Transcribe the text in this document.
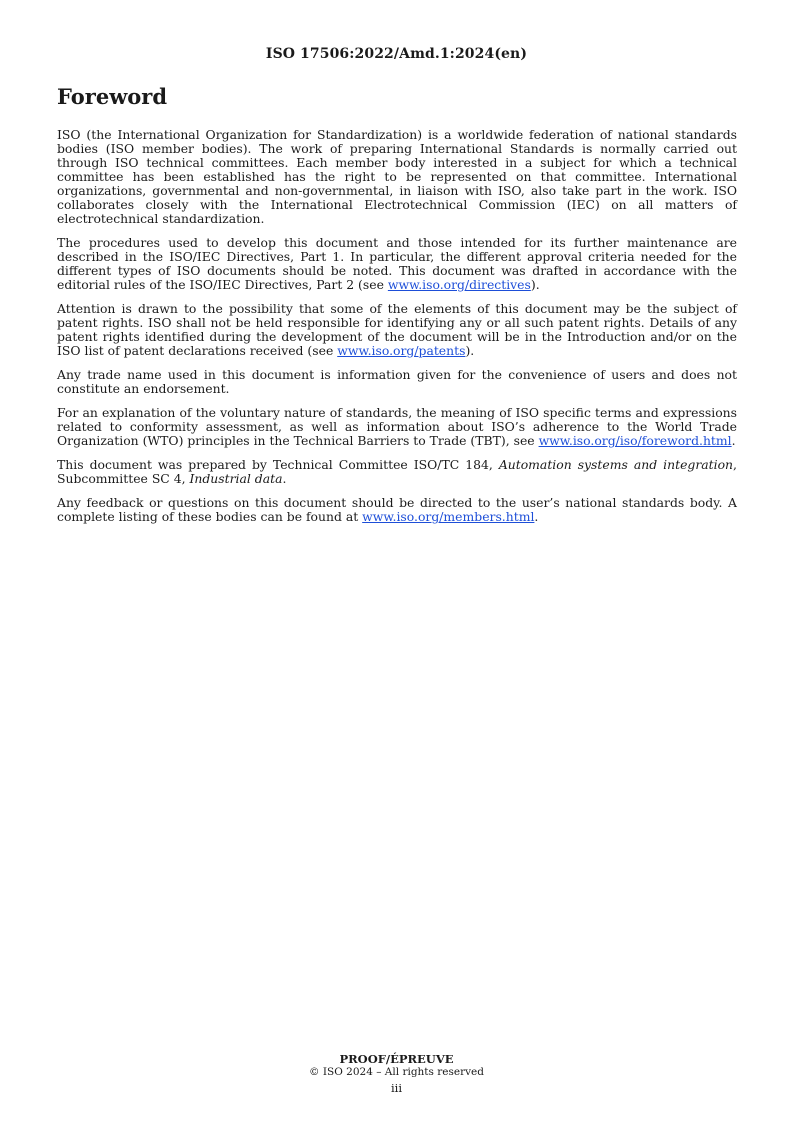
ISO 17506:2022/Amd.1:2024(en)
Foreword

ISO (the International Organization for Standardization) is a worldwide federation of national standards bodies (ISO member bodies). The work of preparing International Standards is normally carried out through ISO technical committees. Each member body interested in a subject for which a technical committee has been established has the right to be represented on that committee. International organizations, governmental and non-governmental, in liaison with ISO, also take part in the work. ISO collaborates closely with the International Electrotechnical Commission (IEC) on all matters of electrotechnical standardization.

The procedures used to develop this document and those intended for its further maintenance are described in the ISO/IEC Directives, Part 1. In particular, the different approval criteria needed for the different types of ISO documents should be noted. This document was drafted in accordance with the editorial rules of the ISO/IEC Directives, Part 2 (see www.iso.org/directives).

Attention is drawn to the possibility that some of the elements of this document may be the subject of patent rights. ISO shall not be held responsible for identifying any or all such patent rights. Details of any patent rights identified during the development of the document will be in the Introduction and/or on the ISO list of patent declarations received (see www.iso.org/patents).

Any trade name used in this document is information given for the convenience of users and does not constitute an endorsement.

For an explanation of the voluntary nature of standards, the meaning of ISO specific terms and expressions related to conformity assessment, as well as information about ISO’s adherence to the World Trade Organization (WTO) principles in the Technical Barriers to Trade (TBT), see www.iso.org/iso/foreword.html.

This document was prepared by Technical Committee ISO/TC 184, Automation systems and integration, Subcommittee SC 4, Industrial data.

Any feedback or questions on this document should be directed to the user’s national standards body. A complete listing of these bodies can be found at www.iso.org/members.html.

PROOF/ÉPREUVE
© ISO 2024 – All rights reserved
iii
